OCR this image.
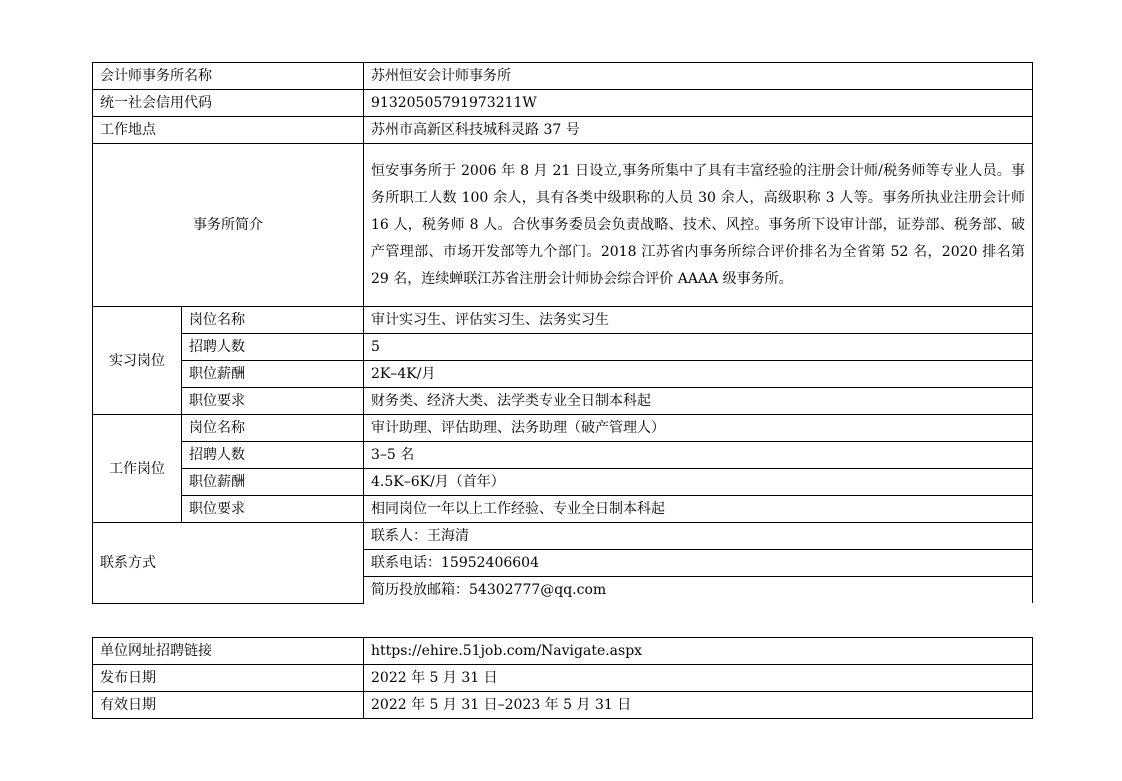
会计师事务所名称		苏州恒安会计师事务所
统一社会信用代码		91320505791973211W
工作地点		苏州市高新区科技城科灵路 37 号
事务所简介		恒安事务所于 2006 年 8 月 21 日设立,事务所集中了具有丰富经验的注册会计师/税务师等专业人员。事务所职工人数 100 余人，具有各类中级职称的人员 30 余人，高级职称 3 人等。事务所执业注册会计师 16 人，税务师 8 人。合伙事务委员会负责战略、技术、风控。事务所下设审计部，证券部、税务部、破产管理部、市场开发部等九个部门。2018 江苏省内事务所综合评价排名为全省第 52 名，2020 排名第 29 名，连续蝉联江苏省注册会计师协会综合评价 AAAA 级事务所。
实习岗位	岗位名称	审计实习生、评估实习生、法务实习生
	招聘人数	5
	职位薪酬	2K–4K/月
	职位要求	财务类、经济大类、法学类专业全日制本科起
工作岗位	岗位名称	审计助理、评估助理、法务助理（破产管理人）
	招聘人数	3–5 名
	职位薪酬	4.5K–6K/月（首年）
	职位要求	相同岗位一年以上工作经验、专业全日制本科起
联系方式		联系人：王海清
		联系电话：15952406604
		简历投放邮箱：54302777@qq.com
单位网址招聘链接	https://ehire.51job.com/Navigate.aspx
发布日期	2022 年 5 月 31 日
有效日期	2022 年 5 月 31 日–2023 年 5 月 31 日
